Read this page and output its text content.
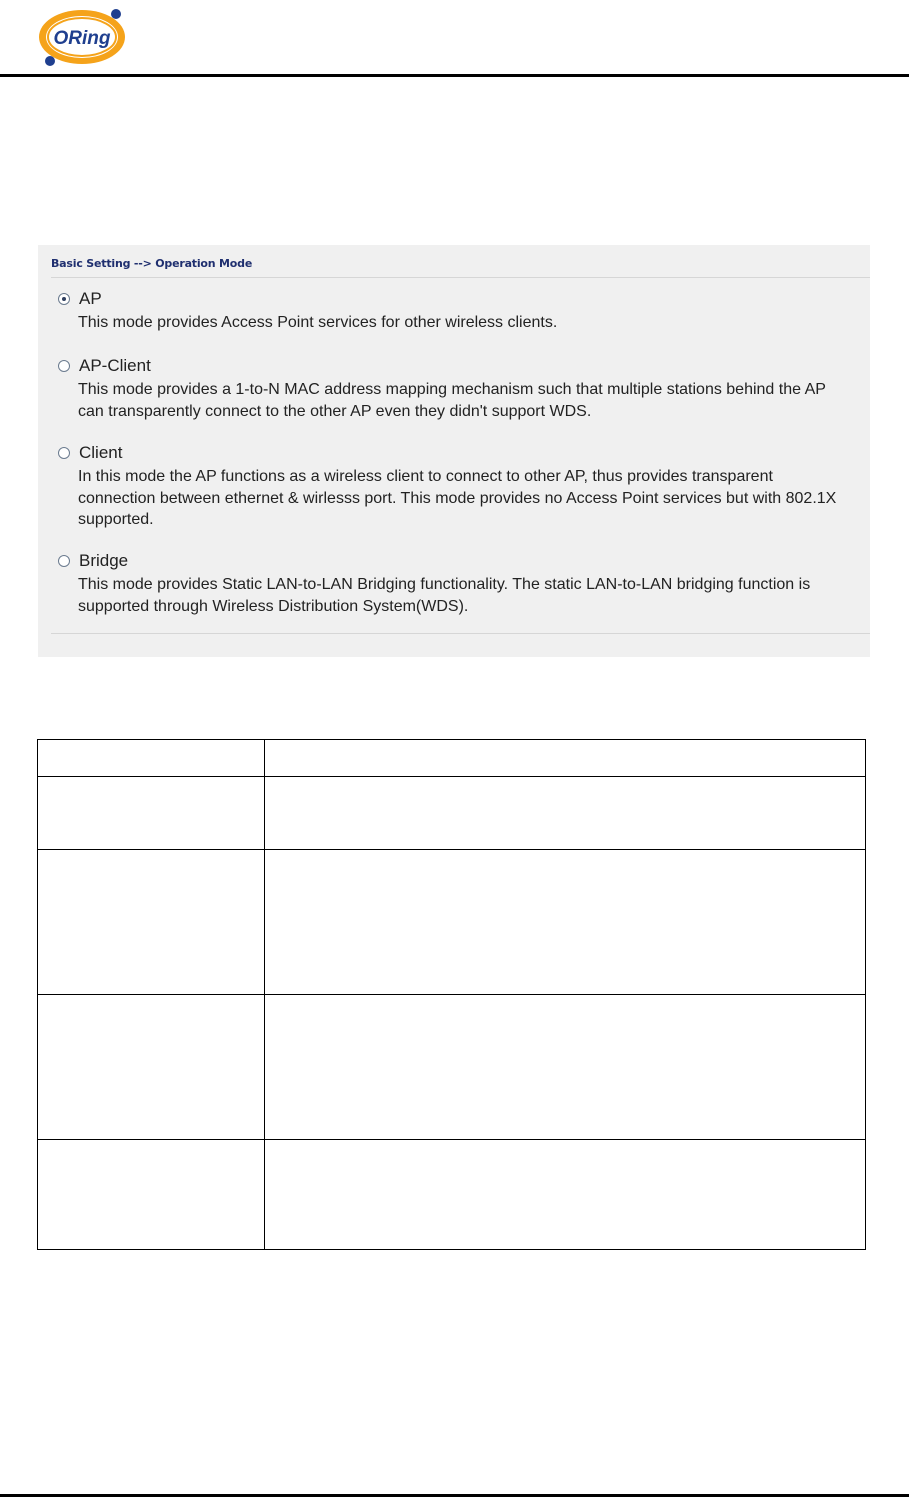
ORing
Basic Setting --> Operation Mode
AP
This mode provides Access Point services for other wireless clients.
AP-Client
This mode provides a 1-to-N MAC address mapping mechanism such that multiple stations behind the AP can transparently connect to the other AP even they didn't support WDS.
Client
In this mode the AP functions as a wireless client to connect to other AP, thus provides transparent connection between ethernet & wirlesss port. This mode provides no Access Point services but with 802.1X supported.
Bridge
This mode provides Static LAN-to-LAN Bridging functionality. The static LAN-to-LAN bridging function is supported through Wireless Distribution System(WDS).
